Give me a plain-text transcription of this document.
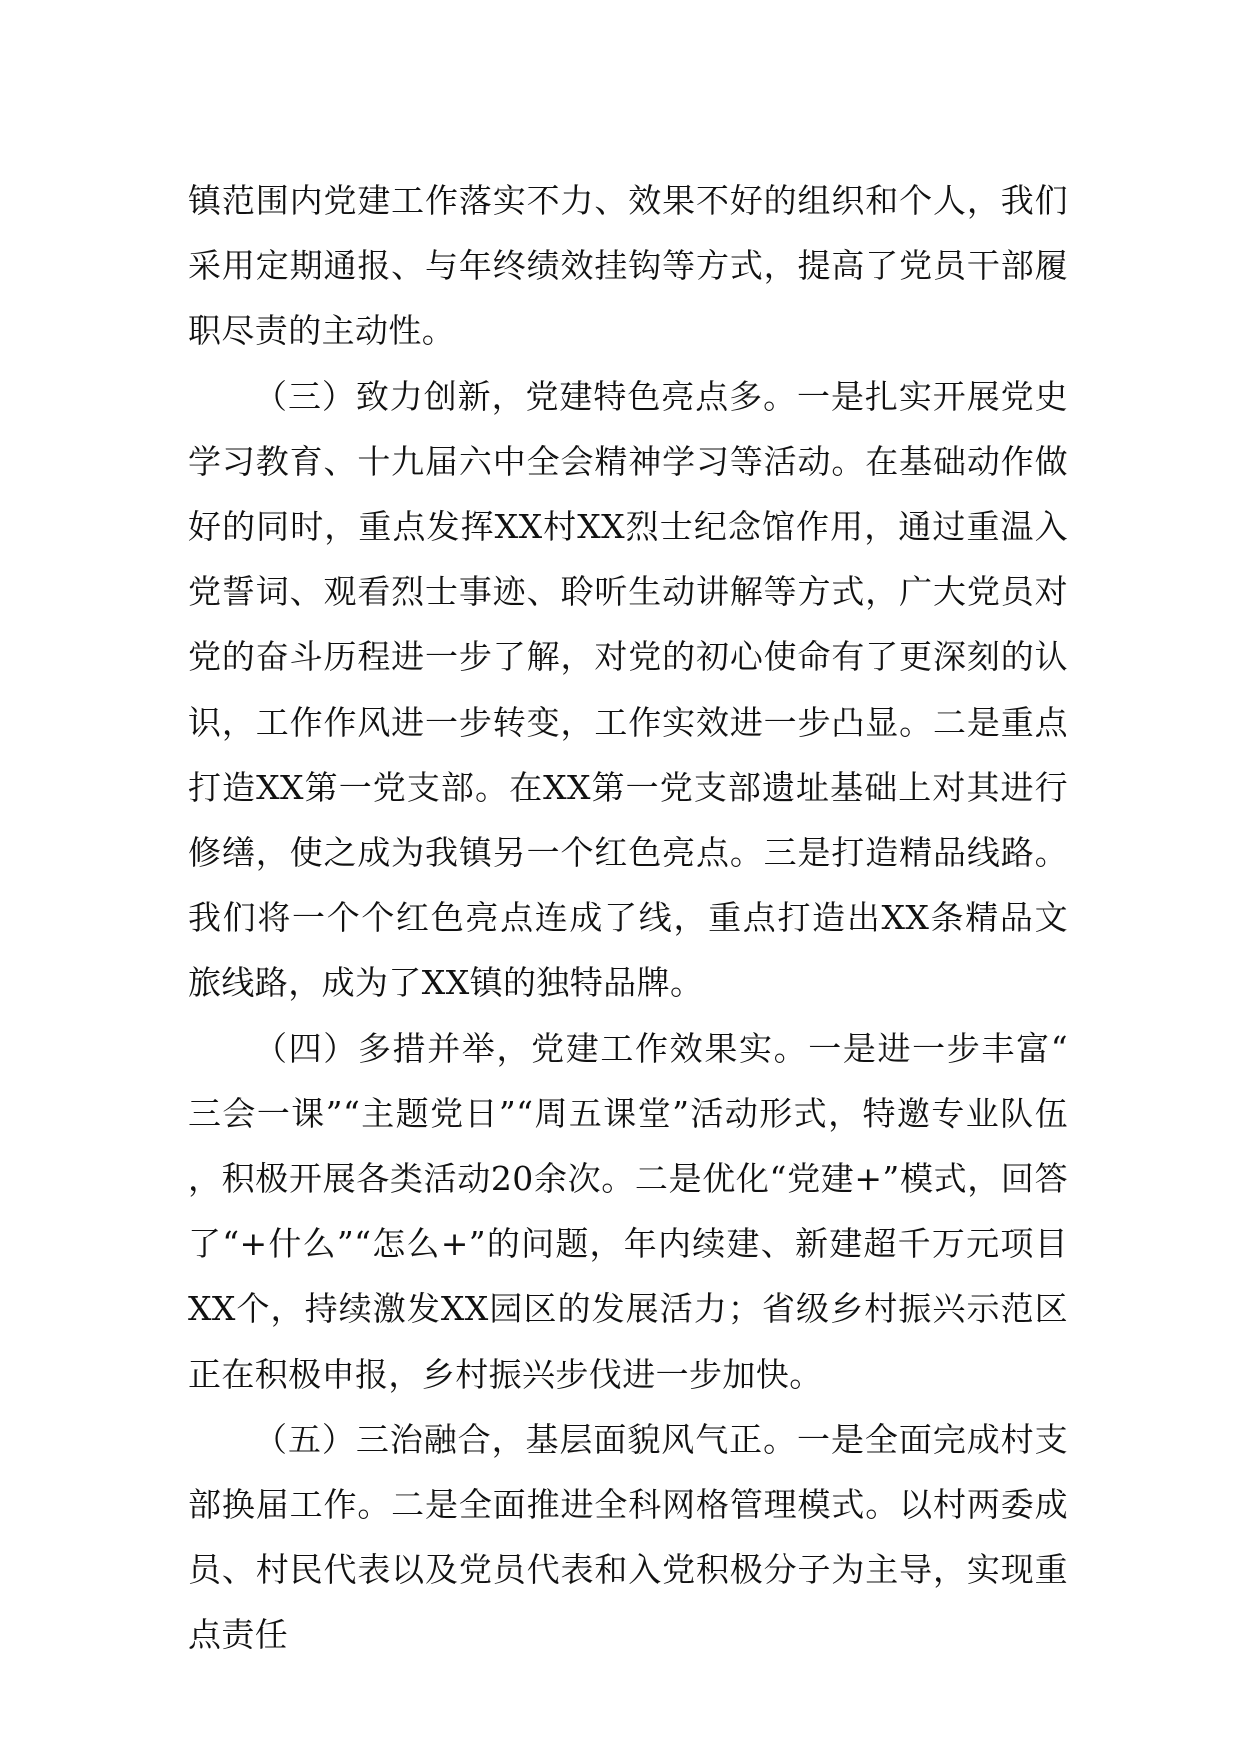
镇范围内党建工作落实不力、效果不好的组织和个人，我们采用定期通报、与年终绩效挂钩等方式，提高了党员干部履职尽责的主动性。

（三）致力创新，党建特色亮点多。一是扎实开展党史学习教育、十九届六中全会精神学习等活动。在基础动作做好的同时，重点发挥XX村XX烈士纪念馆作用，通过重温入党誓词、观看烈士事迹、聆听生动讲解等方式，广大党员对党的奋斗历程进一步了解，对党的初心使命有了更深刻的认识，工作作风进一步转变，工作实效进一步凸显。二是重点打造XX第一党支部。在XX第一党支部遗址基础上对其进行修缮，使之成为我镇另一个红色亮点。三是打造精品线路。我们将一个个红色亮点连成了线，重点打造出XX条精品文旅线路，成为了XX镇的独特品牌。

（四）多措并举，党建工作效果实。一是进一步丰富“三会一课”“主题党日”“周五课堂”活动形式，特邀专业队伍，积极开展各类活动20余次。二是优化“党建+”模式，回答了“+什么”“怎么+”的问题，年内续建、新建超千万元项目XX个，持续激发XX园区的发展活力；省级乡村振兴示范区正在积极申报，乡村振兴步伐进一步加快。

（五）三治融合，基层面貌风气正。一是全面完成村支部换届工作。二是全面推进全科网格管理模式。以村两委成员、村民代表以及党员代表和入党积极分子为主导，实现重点责任
